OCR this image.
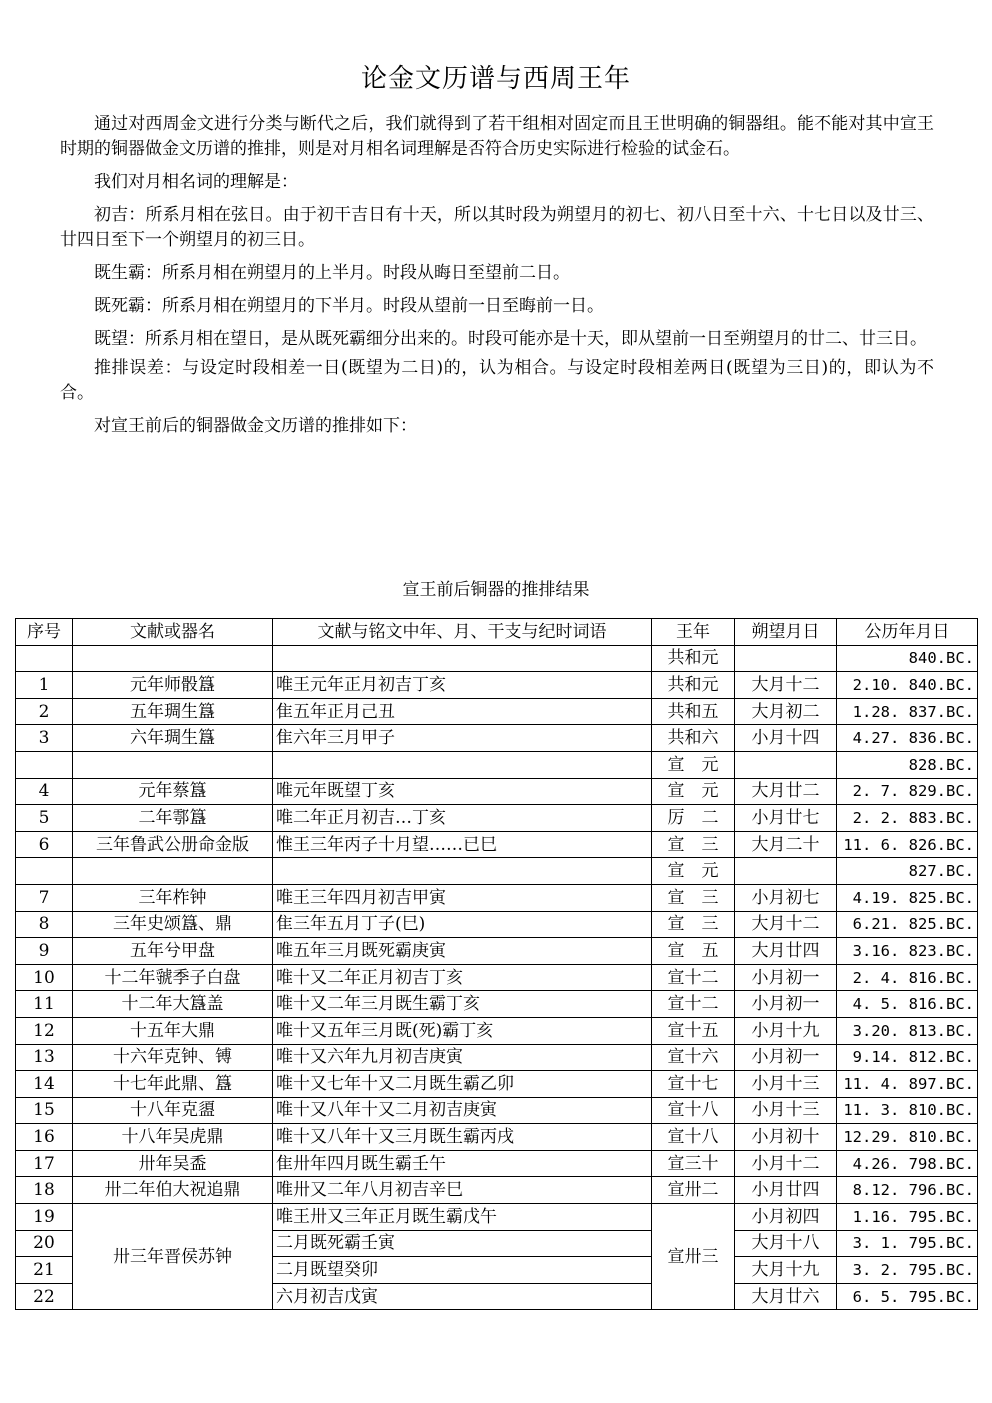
论金文历谱与西周王年

通过对西周金文进行分类与断代之后，我们就得到了若干组相对固定而且王世明确的铜器组。能不能对其中宣王时期的铜器做金文历谱的推排，则是对月相名词理解是否符合历史实际进行检验的试金石。

我们对月相名词的理解是：

初吉：所系月相在弦日。由于初干吉日有十天，所以其时段为朔望月的初七、初八日至十六、十七日以及廿三、廿四日至下一个朔望月的初三日。

既生霸：所系月相在朔望月的上半月。时段从晦日至望前二日。

既死霸：所系月相在朔望月的下半月。时段从望前一日至晦前一日。

既望：所系月相在望日，是从既死霸细分出来的。时段可能亦是十天，即从望前一日至朔望月的廿二、廿三日。

推排误差：与设定时段相差一日(既望为二日)的，认为相合。与设定时段相差两日(既望为三日)的，即认为不合。

对宣王前后的铜器做金文历谱的推排如下：

宣王前后铜器的推排结果
序号	文献或器名	文献与铭文中年、月、干支与纪时词语	王年	朔望月日	公历年月日
			共和元		840.BC.
1	元年师骰簋	唯王元年正月初吉丁亥	共和元	大月十二	2.10. 840.BC.
2	五年琱生簋	隹五年正月己丑	共和五	大月初二	1.28. 837.BC.
3	六年琱生簋	隹六年三月甲子	共和六	小月十四	4.27. 836.BC.
			宣　元		828.BC.
4	元年蔡簋	唯元年既望丁亥	宣　元	大月廿二	2. 7. 829.BC.
5	二年鄠簋	唯二年正月初吉…丁亥	厉　二	小月廿七	2. 2. 883.BC.
6	三年鲁武公册命金版	惟王三年丙子十月望……已巳	宣　三	大月二十	11. 6. 826.BC.
			宣　元		827.BC.
7	三年柞钟	唯王三年四月初吉甲寅	宣　三	小月初七	4.19. 825.BC.
8	三年史颂簋、鼎	隹三年五月丁子(巳)	宣　三	大月十二	6.21. 825.BC.
9	五年兮甲盘	唯五年三月既死霸庚寅	宣　五	大月廿四	3.16. 823.BC.
10	十二年虢季子白盘	唯十又二年正月初吉丁亥	宣十二	小月初一	2. 4. 816.BC.
11	十二年大簋盖	唯十又二年三月既生霸丁亥	宣十二	小月初一	4. 5. 816.BC.
12	十五年大鼎	唯十又五年三月既(死)霸丁亥	宣十五	小月十九	3.20. 813.BC.
13	十六年克钟、镈	唯十又六年九月初吉庚寅	宣十六	小月初一	9.14. 812.BC.
14	十七年此鼎、簋	唯十又七年十又二月既生霸乙卯	宣十七	小月十三	11. 4. 897.BC.
15	十八年克盨	唯十又八年十又二月初吉庚寅	宣十八	小月十三	11. 3. 810.BC.
16	十八年吴虎鼎	唯十又八年十又三月既生霸丙戌	宣十八	小月初十	12.29. 810.BC.
17	卅年吴盉	隹卅年四月既生霸壬午	宣三十	小月十二	4.26. 798.BC.
18	卅二年伯大祝追鼎	唯卅又二年八月初吉辛巳	宣卅二	小月廿四	8.12. 796.BC.
19	卅三年晋侯苏钟	唯王卅又三年正月既生霸戊午	宣卅三	小月初四	1.16. 795.BC.
20		二月既死霸壬寅		大月十八	3. 1. 795.BC.
21		二月既望癸卯		大月十九	3. 2. 795.BC.
22		六月初吉戊寅		大月廿六	6. 5. 795.BC.
